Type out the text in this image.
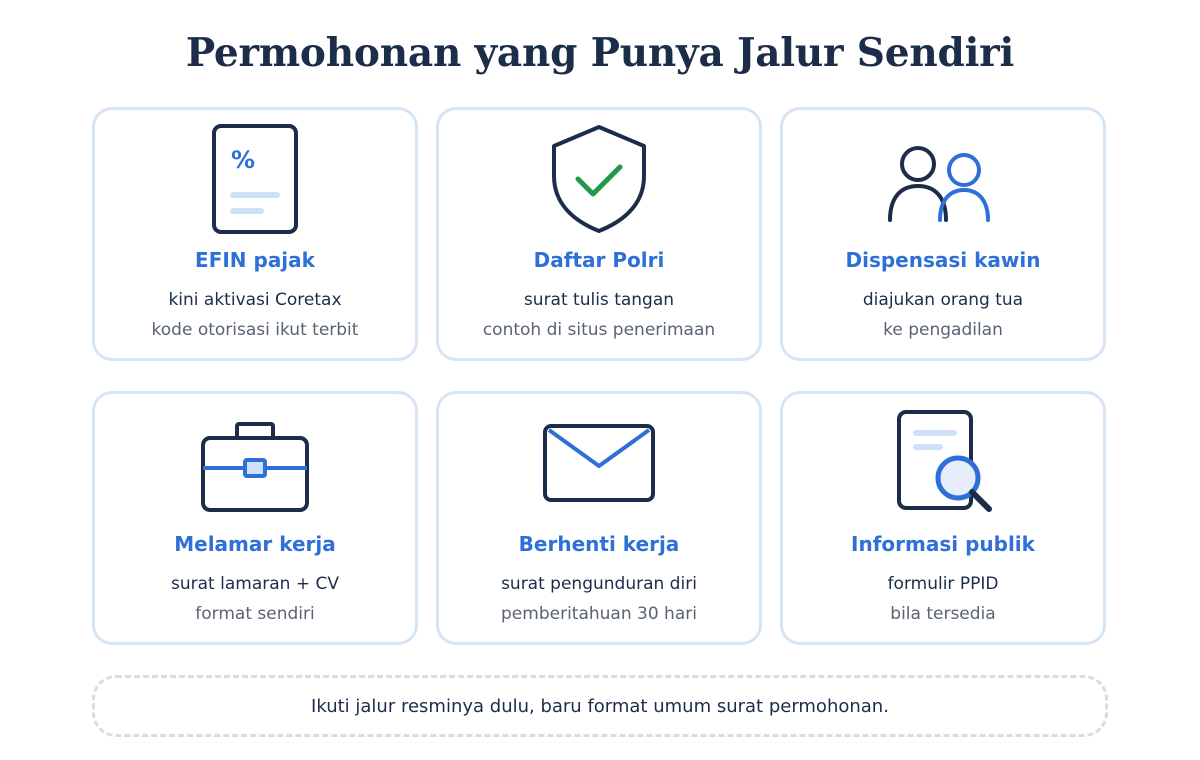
Permohonan yang Punya Jalur Sendiri
%
EFIN pajak
kini aktivasi Coretax
kode otorisasi ikut terbit
Daftar Polri
surat tulis tangan
contoh di situs penerimaan
Dispensasi kawin
diajukan orang tua
ke pengadilan
Melamar kerja
surat lamaran + CV
format sendiri
Berhenti kerja
surat pengunduran diri
pemberitahuan 30 hari
Informasi publik
formulir PPID
bila tersedia
Ikuti jalur resminya dulu, baru format umum surat permohonan.
